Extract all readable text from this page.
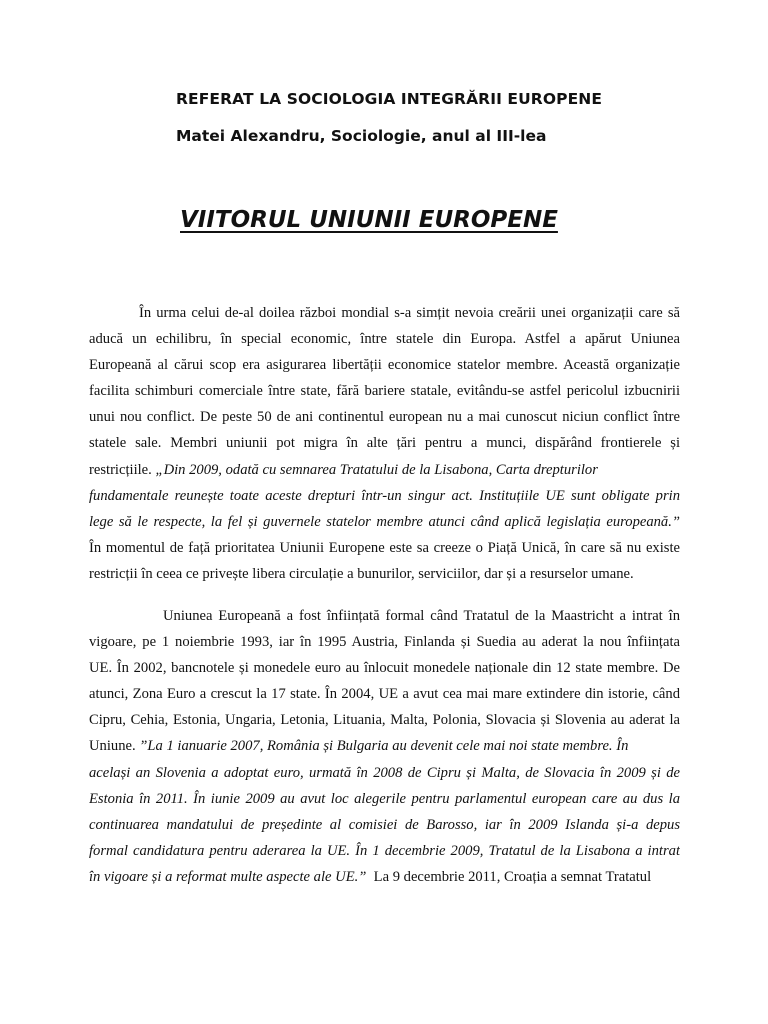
REFERAT LA SOCIOLOGIA INTEGRĂRII EUROPENE
Matei Alexandru, Sociologie, anul al III-lea
VIITORUL UNIUNII EUROPENE
În urma celui de-al doilea război mondial s-a simțit nevoia creării unei organizații care să
aducă un echilibru, în special economic, între statele din Europa. Astfel a apărut Uniunea
Europeană al cărui scop era asigurarea libertății economice statelor membre. Această organizație
facilita schimburi comerciale între state, fără bariere statale, evitându-se astfel pericolul izbucnirii
unui nou conflict. De peste 50 de ani continentul european nu a mai cunoscut niciun conflict între
statele sale. Membri uniunii pot migra în alte țări pentru a munci, dispărând frontierele și
restricțiile. „Din 2009, odată cu semnarea Tratatului de la Lisabona, Carta drepturilor
fundamentale reunește toate aceste drepturi într-un singur act. Instituțiile UE sunt obligate prin
lege să le respecte, la fel și guvernele statelor membre atunci când aplică legislația europeană.”
În momentul de față prioritatea Uniunii Europene este sa creeze o Piață Unică, în care să nu existe
restricții în ceea ce privește libera circulație a bunurilor, serviciilor, dar și a resurselor umane.
Uniunea Europeană a fost înființată formal când Tratatul de la Maastricht a intrat în
vigoare, pe 1 noiembrie 1993, iar în 1995 Austria, Finlanda și Suedia au aderat la nou înființata
UE. În 2002, bancnotele și monedele euro au înlocuit monedele naționale din 12 state membre. De
atunci, Zona Euro a crescut la 17 state. În 2004, UE a avut cea mai mare extindere din istorie, când
Cipru, Cehia, Estonia, Ungaria, Letonia, Lituania, Malta, Polonia, Slovacia și Slovenia au aderat la
Uniune. ”La 1 ianuarie 2007, România și Bulgaria au devenit cele mai noi state membre. În
același an Slovenia a adoptat euro, urmată în 2008 de Cipru și Malta, de Slovacia în 2009 și de
Estonia în 2011. În iunie 2009 au avut loc alegerile pentru parlamentul european care au dus la
continuarea mandatului de președinte al comisiei de Barosso, iar în 2009 Islanda și-a depus
formal candidatura pentru aderarea la UE. În 1 decembrie 2009, Tratatul de la Lisabona a intrat
în vigoare și a reformat multe aspecte ale UE.” La 9 decembrie 2011, Croația a semnat Tratatul
